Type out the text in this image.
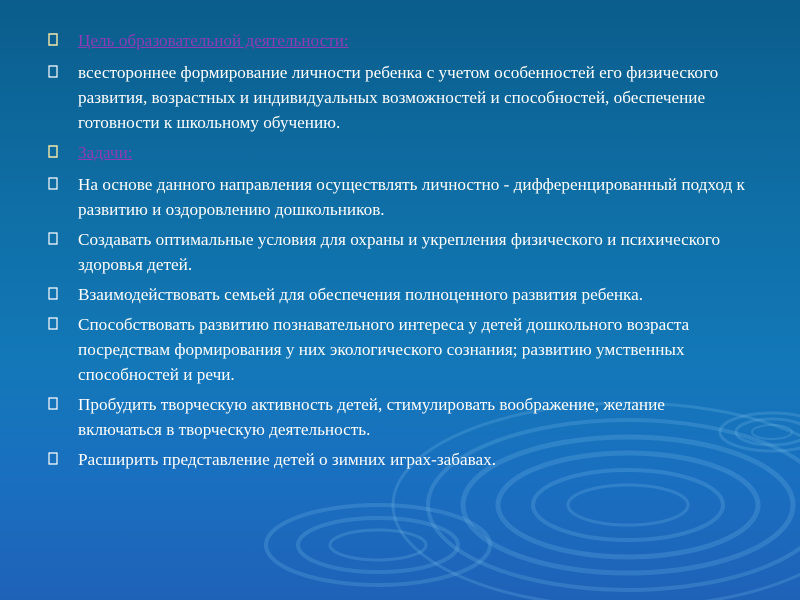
Цель образовательной деятельности:
всестороннее формирование личности ребенка с учетом особенностей его физического развития, возрастных и индивидуальных возможностей и способностей, обеспечение готовности к школьному обучению.
Задачи:
На основе данного направления осуществлять личностно - дифференцированный подход к развитию и оздоровлению дошкольников.
Создавать оптимальные условия для охраны и укрепления физического и психического здоровья детей.
Взаимодействовать семьей для обеспечения полноценного развития ребенка.
Способствовать развитию познавательного интереса у детей дошкольного возраста посредствам формирования у них экологического сознания; развитию умственных способностей и речи.
Пробудить творческую активность детей, стимулировать воображение, желание включаться в творческую деятельность.
Расширить представление детей о зимних играх-забавах.
